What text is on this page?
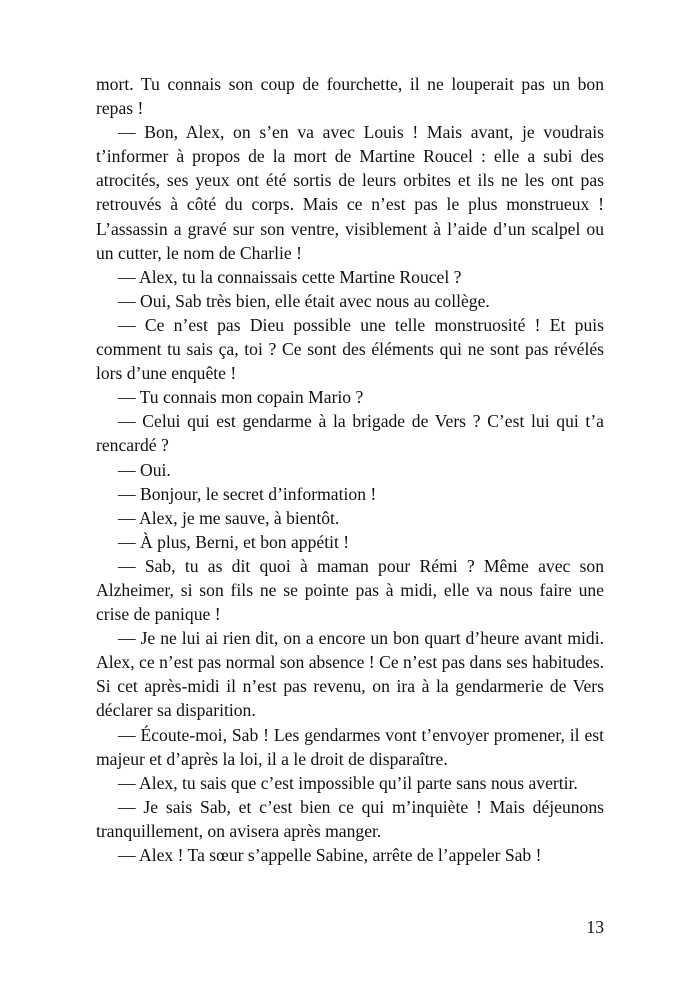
mort. Tu connais son coup de fourchette, il ne louperait pas un bon repas !

— Bon, Alex, on s’en va avec Louis ! Mais avant, je voudrais t’informer à propos de la mort de Martine Roucel : elle a subi des atrocités, ses yeux ont été sortis de leurs orbites et ils ne les ont pas retrouvés à côté du corps. Mais ce n’est pas le plus monstrueux ! L’assassin a gravé sur son ventre, visiblement à l’aide d’un scalpel ou un cutter, le nom de Charlie !

— Alex, tu la connaissais cette Martine Roucel ?

— Oui, Sab très bien, elle était avec nous au collège.

— Ce n’est pas Dieu possible une telle monstruosité ! Et puis comment tu sais ça, toi ? Ce sont des éléments qui ne sont pas révélés lors d’une enquête !

— Tu connais mon copain Mario ?

— Celui qui est gendarme à la brigade de Vers ? C’est lui qui t’a rencardé ?

— Oui.

— Bonjour, le secret d’information !

— Alex, je me sauve, à bientôt.

— À plus, Berni, et bon appétit !

— Sab, tu as dit quoi à maman pour Rémi ? Même avec son Alzheimer, si son fils ne se pointe pas à midi, elle va nous faire une crise de panique !

— Je ne lui ai rien dit, on a encore un bon quart d’heure avant midi. Alex, ce n’est pas normal son absence ! Ce n’est pas dans ses habitudes. Si cet après-midi il n’est pas revenu, on ira à la gendarmerie de Vers déclarer sa disparition.

— Écoute-moi, Sab ! Les gendarmes vont t’envoyer promener, il est majeur et d’après la loi, il a le droit de disparaître.

— Alex, tu sais que c’est impossible qu’il parte sans nous avertir.

— Je sais Sab, et c’est bien ce qui m’inquiète ! Mais déjeunons tranquillement, on avisera après manger.

— Alex ! Ta sœur s’appelle Sabine, arrête de l’appeler Sab !

13
